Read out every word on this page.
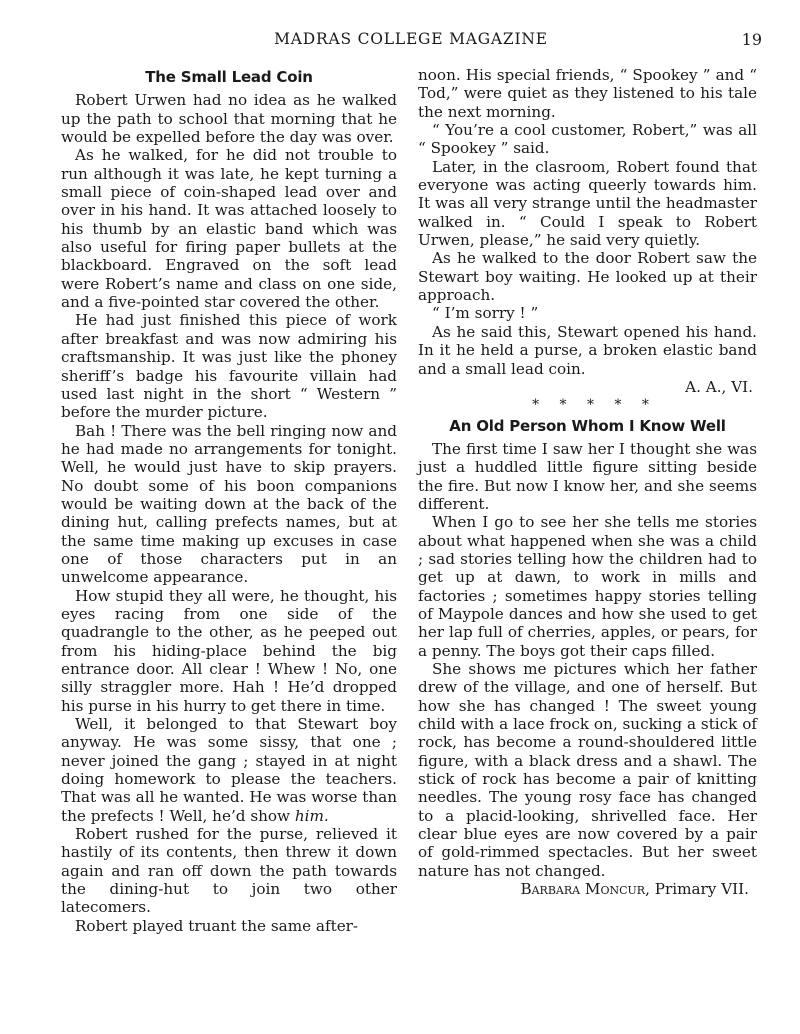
MADRAS COLLEGE MAGAZINE	19
The Small Lead Coin

Robert Urwen had no idea as he walked up the path to school that morning that he would be expelled before the day was over.

As he walked, for he did not trouble to run although it was late, he kept turning a small piece of coin-shaped lead over and over in his hand. It was attached loosely to his thumb by an elastic band which was also useful for firing paper bullets at the blackboard. Engraved on the soft lead were Robert’s name and class on one side, and a five-pointed star covered the other.

He had just finished this piece of work after breakfast and was now admiring his craftsmanship. It was just like the phoney sheriff’s badge his favourite villain had used last night in the short “ Western ” before the murder picture.

Bah ! There was the bell ringing now and he had made no arrangements for tonight. Well, he would just have to skip prayers. No doubt some of his boon companions would be waiting down at the back of the dining hut, calling prefects names, but at the same time making up excuses in case one of those characters put in an unwelcome appearance.

How stupid they all were, he thought, his eyes racing from one side of the quadrangle to the other, as he peeped out from his hiding-place behind the big entrance door. All clear ! Whew ! No, one silly straggler more. Hah ! He’d dropped his purse in his hurry to get there in time.

Well, it belonged to that Stewart boy anyway. He was some sissy, that one ; never joined the gang ; stayed in at night doing homework to please the teachers. That was all he wanted. He was worse than the prefects ! Well, he’d show him.

Robert rushed for the purse, relieved it hastily of its contents, then threw it down again and ran off down the path towards the dining-hut to join two other latecomers.

Robert played truant the same after-

noon. His special friends, “ Spookey ” and “ Tod,” were quiet as they listened to his tale the next morning.

“ You’re a cool customer, Robert,” was all “ Spookey ” said.

Later, in the clasroom, Robert found that everyone was acting queerly towards him. It was all very strange until the headmaster walked in. “ Could I speak to Robert Urwen, please,” he said very quietly.

As he walked to the door Robert saw the Stewart boy waiting. He looked up at their approach.

“ I’m sorry ! ”

As he said this, Stewart opened his hand. In it he held a purse, a broken elastic band and a small lead coin.

A. A., VI.

* * * * *

An Old Person Whom I Know Well

The first time I saw her I thought she was just a huddled little figure sitting beside the fire. But now I know her, and she seems different.

When I go to see her she tells me stories about what happened when she was a child ; sad stories telling how the children had to get up at dawn, to work in mills and factories ; sometimes happy stories telling of Maypole dances and how she used to get her lap full of cherries, apples, or pears, for a penny. The boys got their caps filled.

She shows me pictures which her father drew of the village, and one of herself. But how she has changed ! The sweet young child with a lace frock on, sucking a stick of rock, has become a round-shouldered little figure, with a black dress and a shawl. The stick of rock has become a pair of knitting needles. The young rosy face has changed to a placid-looking, shrivelled face. Her clear blue eyes are now covered by a pair of gold-rimmed spectacles. But her sweet nature has not changed.

Barbara Moncur, Primary VII.
